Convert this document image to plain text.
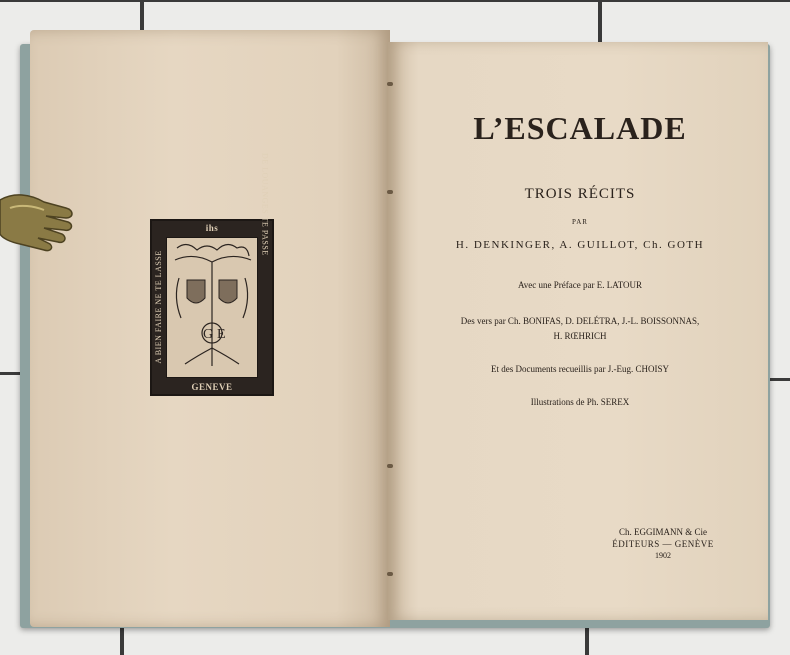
ihs
A BIEN FAIRE NE TE LASSE
DE LOUANGES TE PASSE
GENEVE
G E
L’ESCALADE
TROIS RÉCITS
PAR
H. DENKINGER, A. GUILLOT, Ch. GOTH
Avec une Préface par E. LATOUR
Des vers par Ch. BONIFAS, D. DELÉTRA, J.-L. BOISSONNAS,
H. RŒHRICH
Et des Documents recueillis par J.-Eug. CHOISY
Illustrations de Ph. SEREX
Ch. EGGIMANN & Cie
ÉDITEURS — GENÈVE
1902
